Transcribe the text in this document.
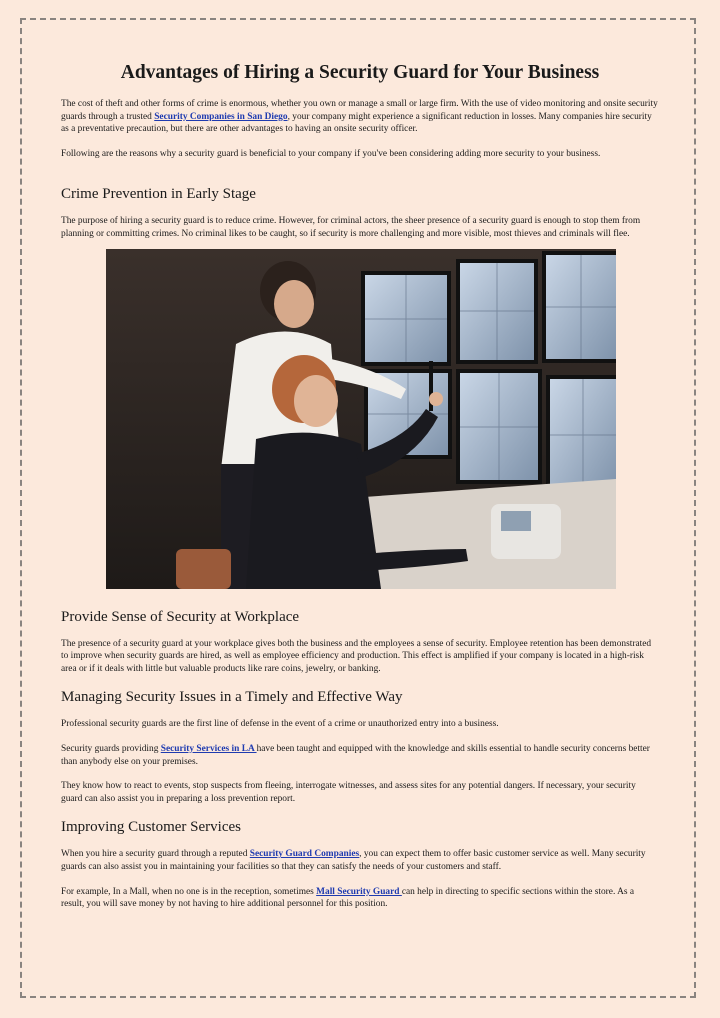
Advantages of Hiring a Security Guard for Your Business

The cost of theft and other forms of crime is enormous, whether you own or manage a small or large firm. With the use of video monitoring and onsite security guards through a trusted Security Companies in San Diego, your company might experience a significant reduction in losses. Many companies hire security as a preventative precaution, but there are other advantages to having an onsite security officer.

Following are the reasons why a security guard is beneficial to your company if you've been considering adding more security to your business.

Crime Prevention in Early Stage

The purpose of hiring a security guard is to reduce crime. However, for criminal actors, the sheer presence of a security guard is enough to stop them from planning or committing crimes. No criminal likes to be caught, so if security is more challenging and more visible, most thieves and criminals will flee.

Provide Sense of Security at Workplace

The presence of a security guard at your workplace gives both the business and the employees a sense of security. Employee retention has been demonstrated to improve when security guards are hired, as well as employee efficiency and production. This effect is amplified if your company is located in a high-risk area or if it deals with little but valuable products like rare coins, jewelry, or banking.

Managing Security Issues in a Timely and Effective Way

Professional security guards are the first line of defense in the event of a crime or unauthorized entry into a business.

Security guards providing Security Services in LA have been taught and equipped with the knowledge and skills essential to handle security concerns better than anybody else on your premises.

They know how to react to events, stop suspects from fleeing, interrogate witnesses, and assess sites for any potential dangers. If necessary, your security guard can also assist you in preparing a loss prevention report.

Improving Customer Services

When you hire a security guard through a reputed Security Guard Companies, you can expect them to offer basic customer service as well. Many security guards can also assist you in maintaining your facilities so that they can satisfy the needs of your customers and staff.

For example, In a Mall, when no one is in the reception, sometimes Mall Security Guard can help in directing to specific sections within the store. As a result, you will save money by not having to hire additional personnel for this position.
